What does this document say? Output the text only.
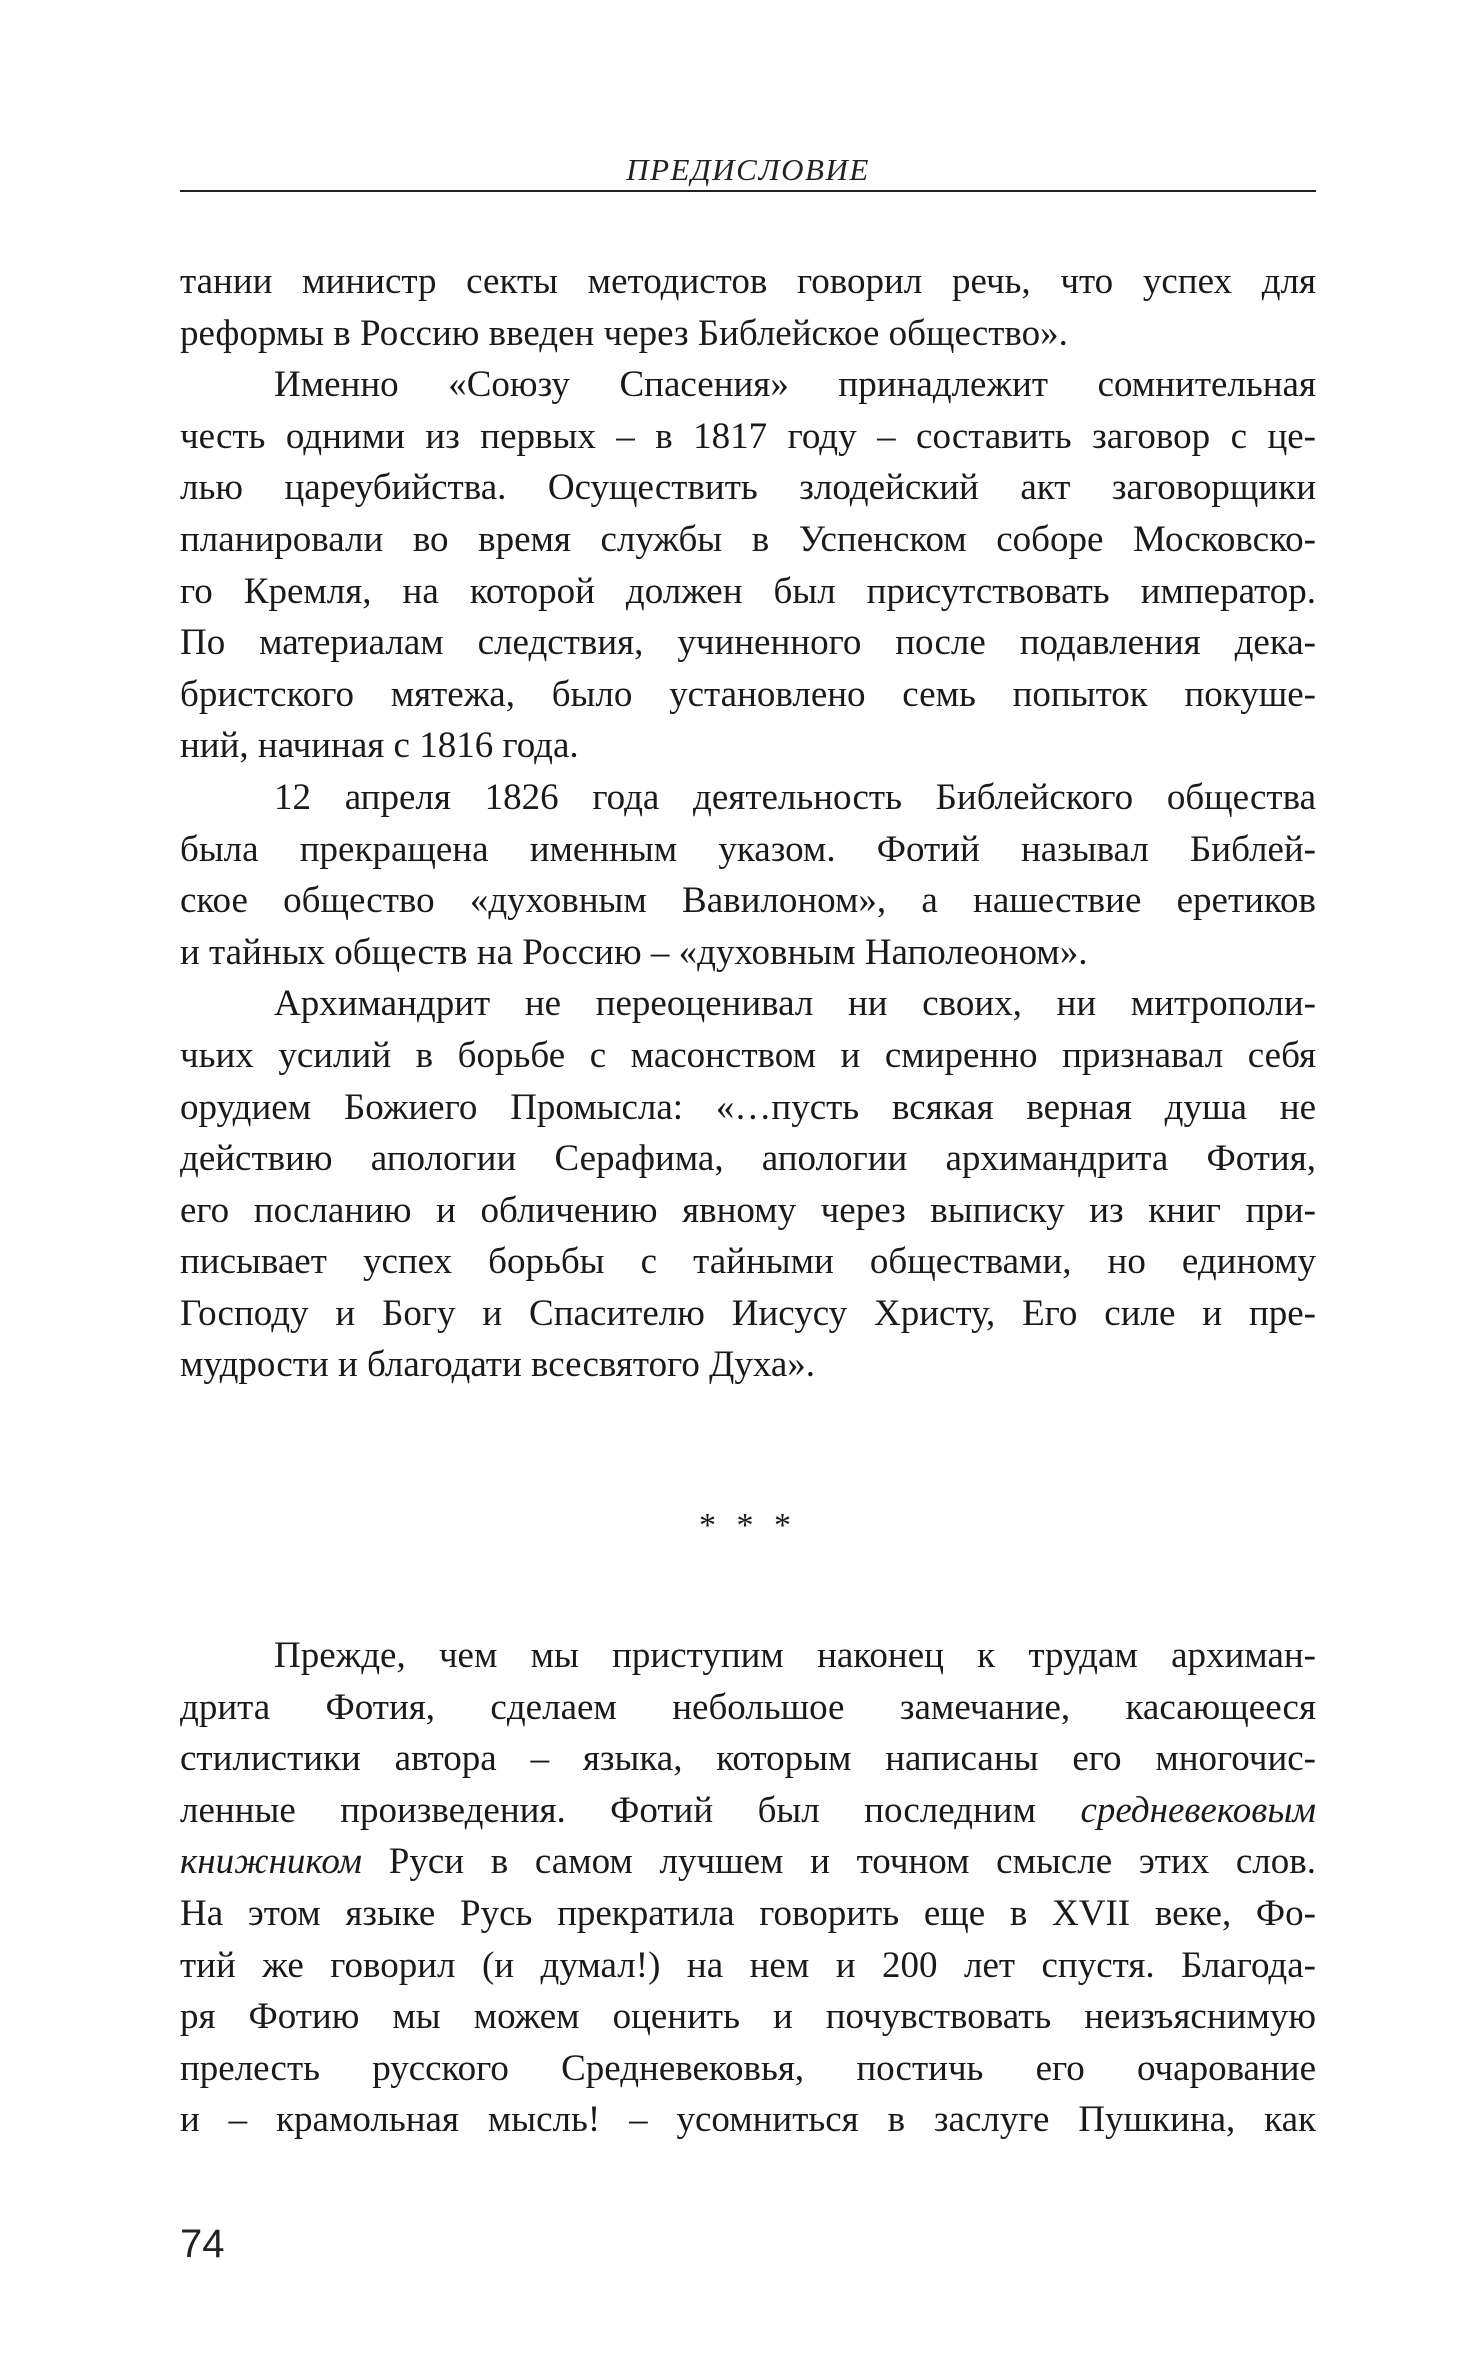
ПРЕДИСЛОВИЕ
тании министр секты методистов говорил речь, что успех для
реформы в Россию введен через Библейское общество».
Именно «Союзу Спасения» принадлежит сомнительная
честь одними из первых – в 1817 году – составить заговор с це-
лью цареубийства. Осуществить злодейский акт заговорщики
планировали во время службы в Успенском соборе Московско-
го Кремля, на которой должен был присутствовать император.
По материалам следствия, учиненного после подавления дека-
бристского мятежа, было установлено семь попыток покуше-
ний, начиная с 1816 года.
12 апреля 1826 года деятельность Библейского общества
была прекращена именным указом. Фотий называл Библей-
ское общество «духовным Вавилоном», а нашествие еретиков
и тайных обществ на Россию – «духовным Наполеоном».
Архимандрит не переоценивал ни своих, ни митрополи-
чьих усилий в борьбе с масонством и смиренно признавал себя
орудием Божиего Промысла: «…пусть всякая верная душа не
действию апологии Серафима, апологии архимандрита Фотия,
его посланию и обличению явному через выписку из книг при-
писывает успех борьбы с тайными обществами, но единому
Господу и Богу и Спасителю Иисусу Христу, Его силе и пре-
мудрости и благодати всесвятого Духа».
* * *
Прежде, чем мы приступим наконец к трудам архиман-
дрита Фотия, сделаем небольшое замечание, касающееся
стилистики автора – языка, которым написаны его многочис-
ленные произведения. Фотий был последним средневековым
книжником Руси в самом лучшем и точном смысле этих слов.
На этом языке Русь прекратила говорить еще в XVII веке, Фо-
тий же говорил (и думал!) на нем и 200 лет спустя. Благода-
ря Фотию мы можем оценить и почувствовать неизъяснимую
прелесть русского Средневековья, постичь его очарование
и – крамольная мысль! – усомниться в заслуге Пушкина, как
74
